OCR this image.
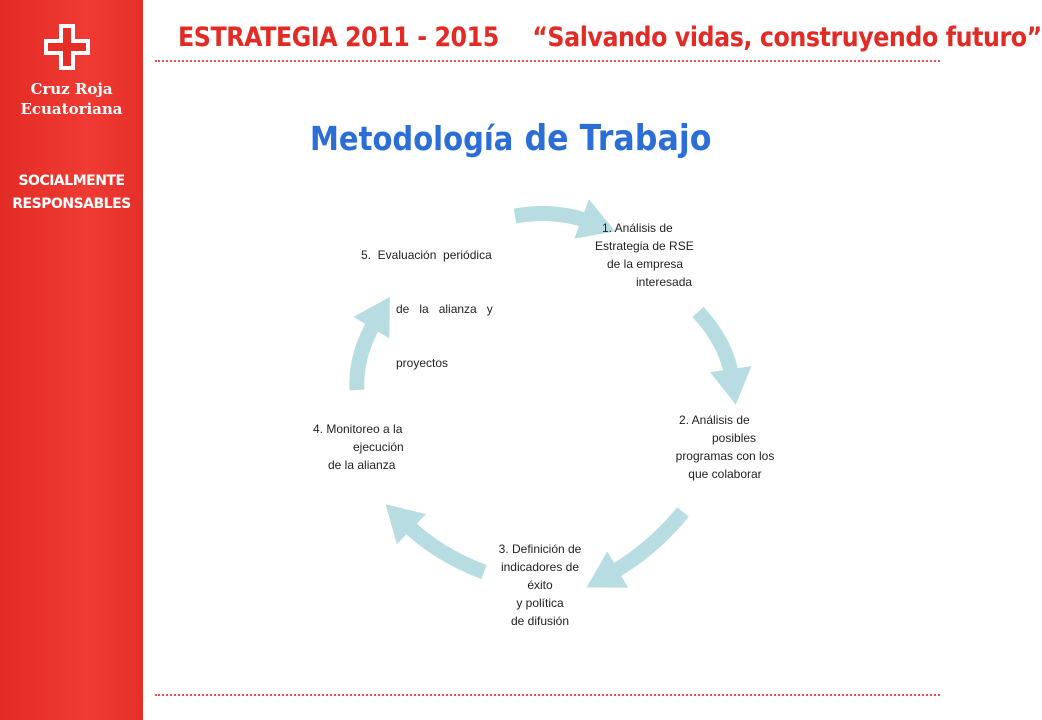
Cruz Roja
Ecuatoriana
SOCIALMENTE
RESPONSABLES
ESTRATEGIA 2011 - 2015 “Salvando vidas, construyendo futuro”
Metodología de Trabajo
1. Análisis de
Estrategia de RSE
de la empresa
interesada
2. Análisis de
posibles
programas con los
que colaborar
3. Definición de
indicadores de
éxito
y política
de difusión
4. Monitoreo a la
ejecución
de la alianza

5.  Evaluación  periódica

de   la   alianza   y

proyectos
